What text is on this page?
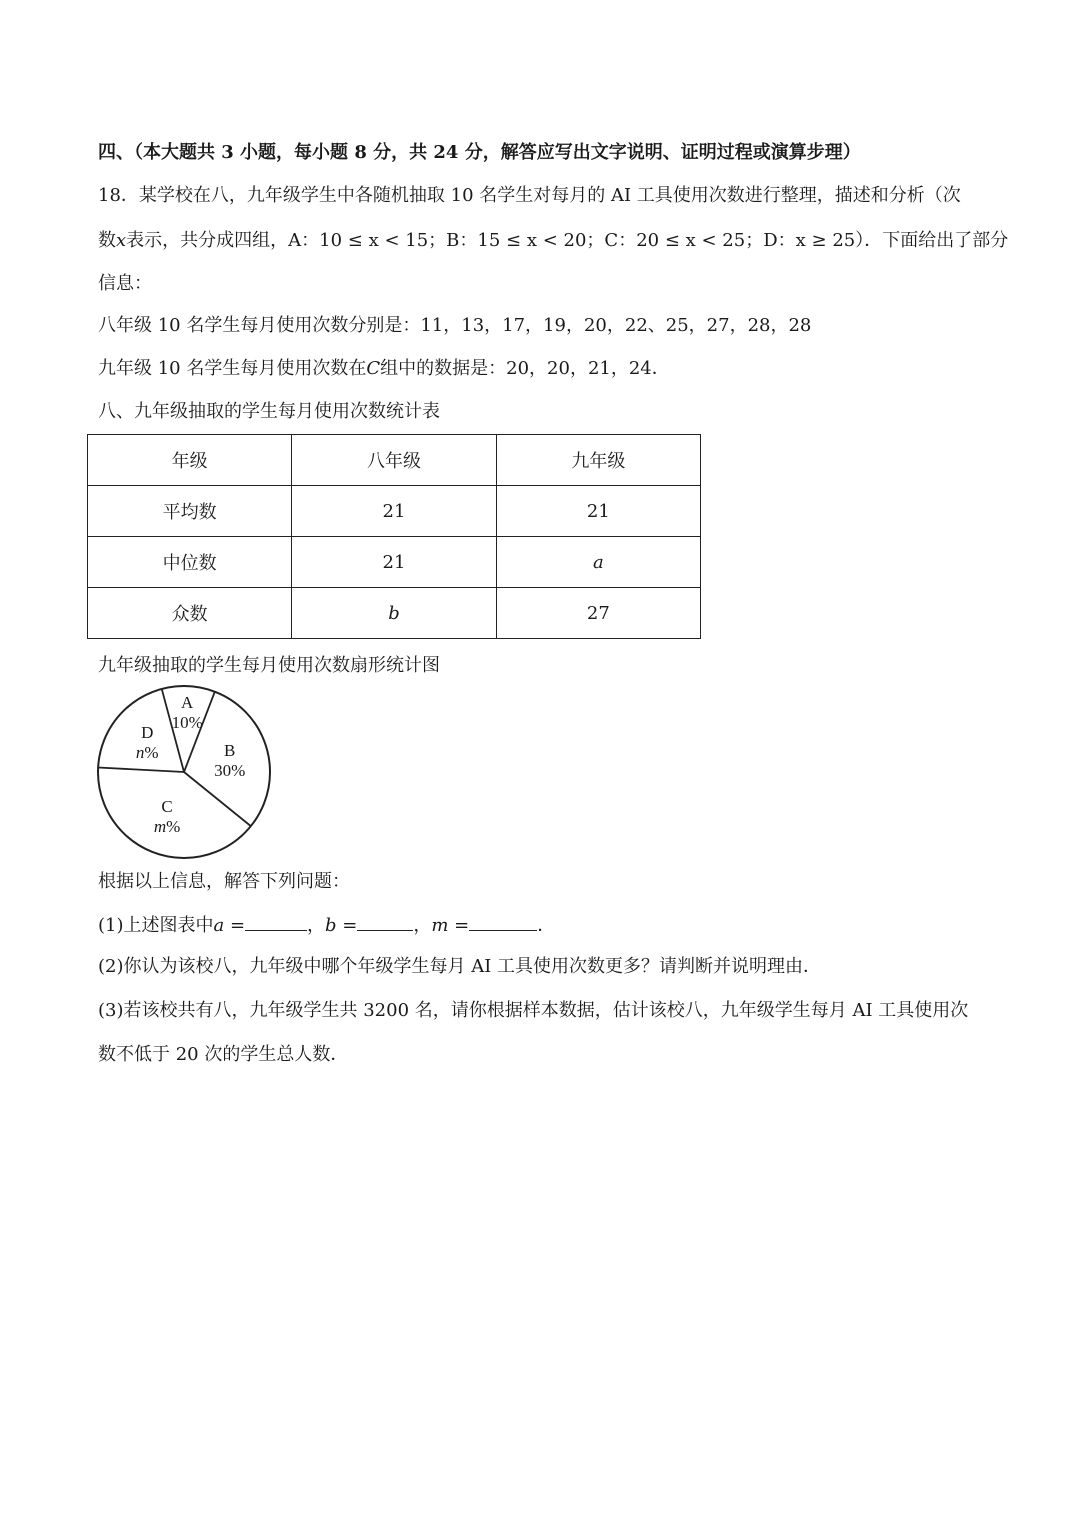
四、（本大题共 3 小题，每小题 8 分，共 24 分，解答应写出文字说明、证明过程或演算步理）
18．某学校在八，九年级学生中各随机抽取 10 名学生对每月的 AI 工具使用次数进行整理，描述和分析（次
数x表示，共分成四组，A：10 ≤ x < 15；B：15 ≤ x < 20；C：20 ≤ x < 25；D：x ≥ 25）．下面给出了部分
信息：
八年级 10 名学生每月使用次数分别是：11，13，17，19，20，22、25，27，28，28
九年级 10 名学生每月使用次数在C组中的数据是：20，20，21，24．
八、九年级抽取的学生每月使用次数统计表
年级	八年级	九年级
平均数	21	21
中位数	21	a
众数	b	27
九年级抽取的学生每月使用次数扇形统计图
A
10%
B
30%
C
m%
D
n%
根据以上信息，解答下列问题：
(1)上述图表中a =	，b =	，m =	．
(2)你认为该校八，九年级中哪个年级学生每月 AI 工具使用次数更多？请判断并说明理由．
(3)若该校共有八，九年级学生共 3200 名，请你根据样本数据，估计该校八，九年级学生每月 AI 工具使用次
数不低于 20 次的学生总人数．
